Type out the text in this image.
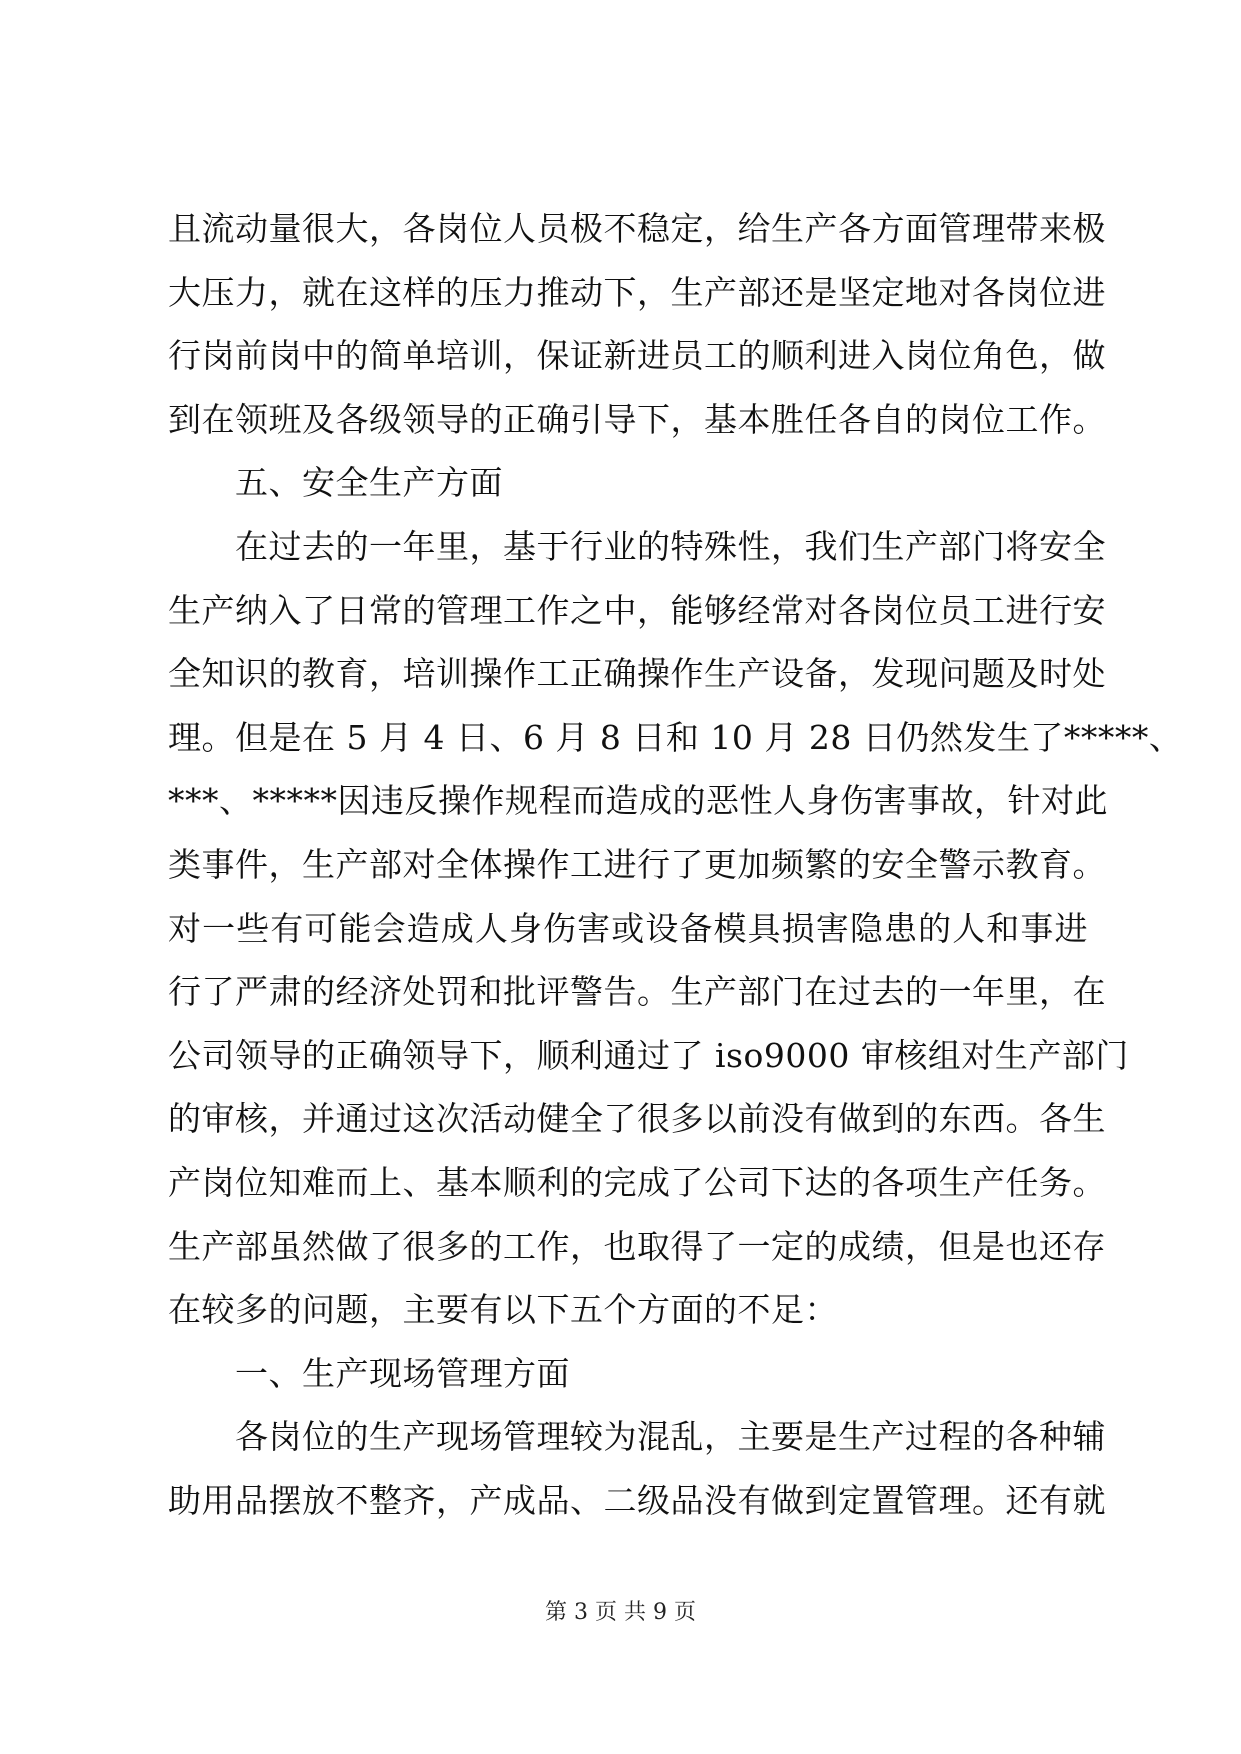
且流动量很大，各岗位人员极不稳定，给生产各方面管理带来极
大压力，就在这样的压力推动下，生产部还是坚定地对各岗位进
行岗前岗中的简单培训，保证新进员工的顺利进入岗位角色，做
到在领班及各级领导的正确引导下，基本胜任各自的岗位工作。
五、安全生产方面
在过去的一年里，基于行业的特殊性，我们生产部门将安全
生产纳入了日常的管理工作之中，能够经常对各岗位员工进行安
全知识的教育，培训操作工正确操作生产设备，发现问题及时处
理。但是在 5 月 4 日、6 月 8 日和 10 月 28 日仍然发生了*****、
***、*****因违反操作规程而造成的恶性人身伤害事故，针对此
类事件，生产部对全体操作工进行了更加频繁的安全警示教育。
对一些有可能会造成人身伤害或设备模具损害隐患的人和事进
行了严肃的经济处罚和批评警告。生产部门在过去的一年里，在
公司领导的正确领导下，顺利通过了 iso9000 审核组对生产部门
的审核，并通过这次活动健全了很多以前没有做到的东西。各生
产岗位知难而上、基本顺利的完成了公司下达的各项生产任务。
生产部虽然做了很多的工作，也取得了一定的成绩，但是也还存
在较多的问题，主要有以下五个方面的不足：
一、生产现场管理方面
各岗位的生产现场管理较为混乱，主要是生产过程的各种辅
助用品摆放不整齐，产成品、二级品没有做到定置管理。还有就
第 3 页 共 9 页
